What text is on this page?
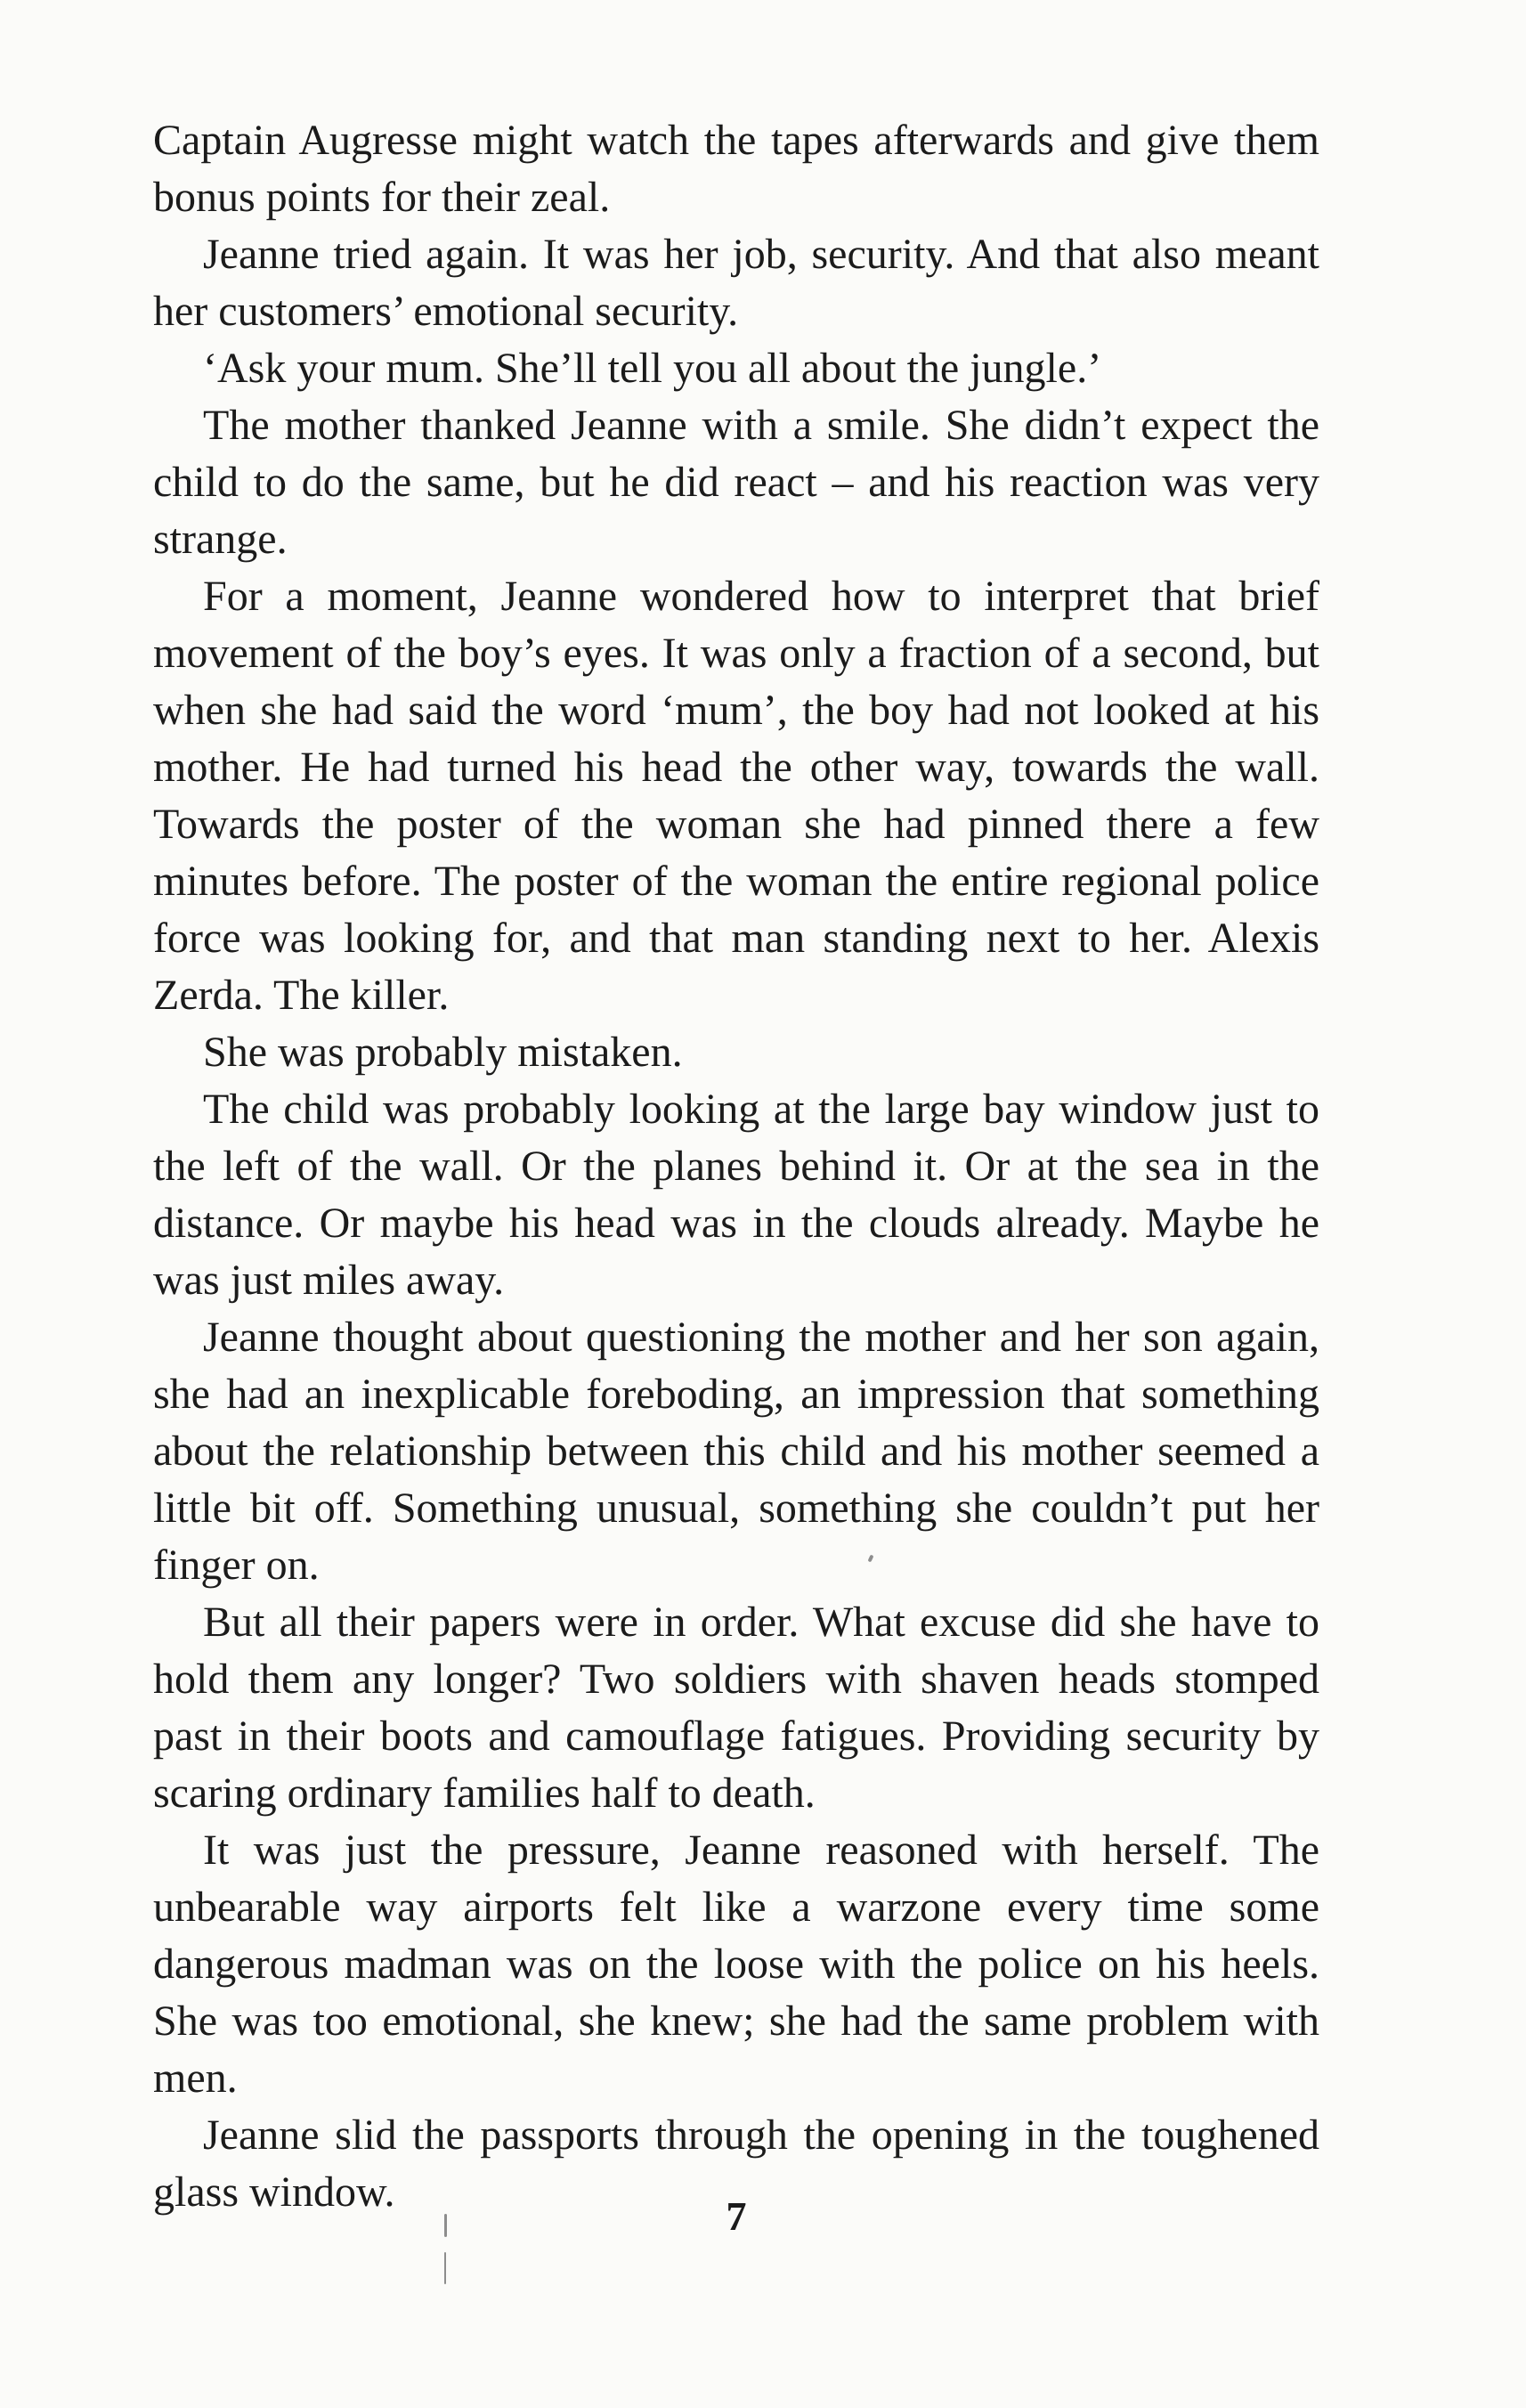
Captain Augresse might watch the tapes afterwards and give them bonus points for their zeal.

Jeanne tried again. It was her job, security. And that also meant her customers’ emotional security.

‘Ask your mum. She’ll tell you all about the jungle.’

The mother thanked Jeanne with a smile. She didn’t expect the child to do the same, but he did react – and his reaction was very strange.

For a moment, Jeanne wondered how to interpret that brief movement of the boy’s eyes. It was only a fraction of a second, but when she had said the word ‘mum’, the boy had not looked at his mother. He had turned his head the other way, towards the wall. Towards the poster of the woman she had pinned there a few minutes before. The poster of the woman the entire regional police force was looking for, and that man standing next to her. Alexis Zerda. The killer.

She was probably mistaken.

The child was probably looking at the large bay window just to the left of the wall. Or the planes behind it. Or at the sea in the distance. Or maybe his head was in the clouds already. Maybe he was just miles away.

Jeanne thought about questioning the mother and her son again, she had an inexplicable foreboding, an impression that something about the relationship between this child and his mother seemed a little bit off. Something unusual, something she couldn’t put her finger on.

But all their papers were in order. What excuse did she have to hold them any longer? Two soldiers with shaven heads stomped past in their boots and camouflage fatigues. Providing security by scaring ordinary families half to death.

It was just the pressure, Jeanne reasoned with herself. The unbearable way airports felt like a warzone every time some dangerous madman was on the loose with the police on his heels. She was too emotional, she knew; she had the same problem with men.

Jeanne slid the passports through the opening in the toughened glass window.

7
